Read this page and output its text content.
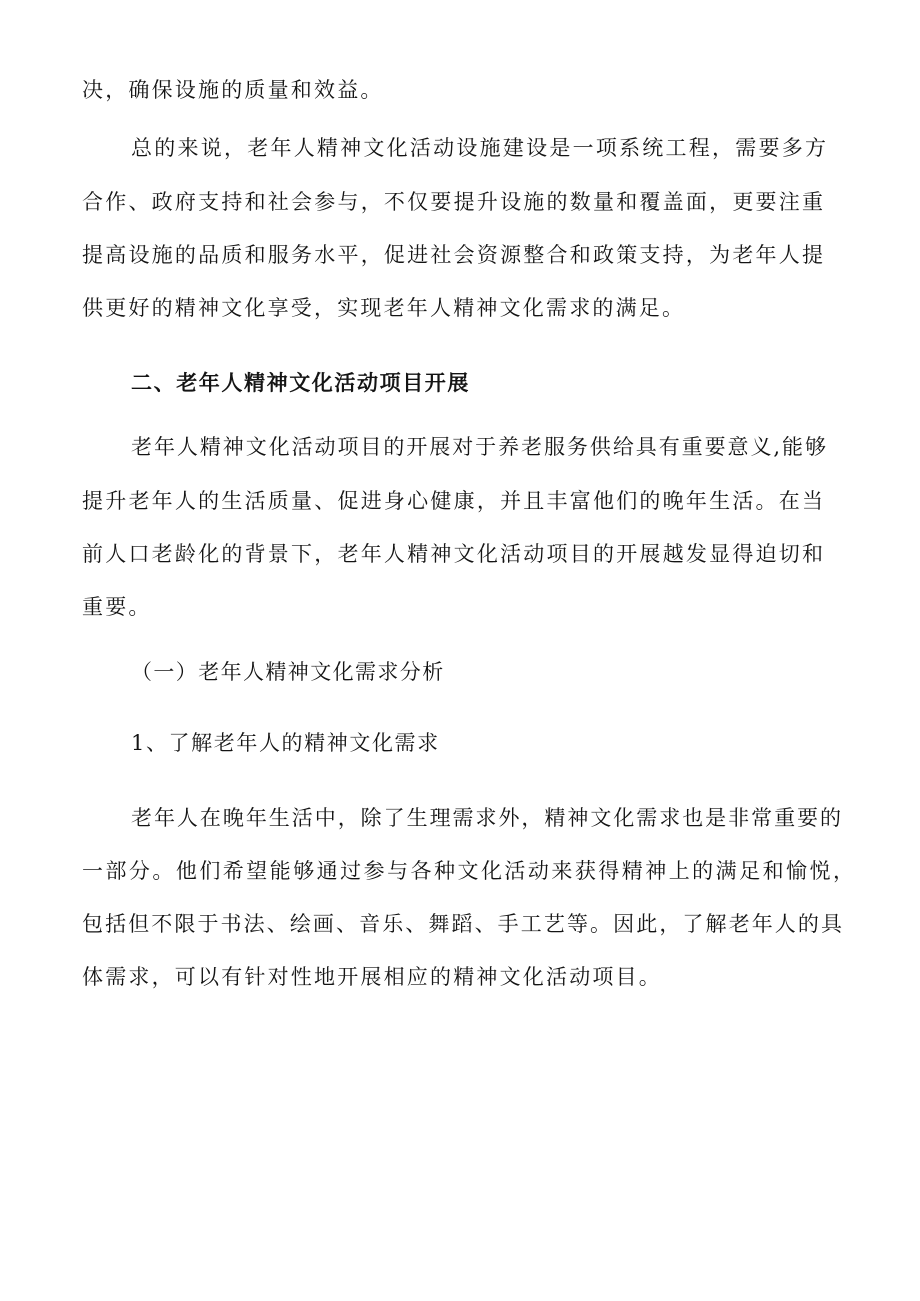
决，确保设施的质量和效益。
总的来说，老年人精神文化活动设施建设是一项系统工程，需要多方
合作、政府支持和社会参与，不仅要提升设施的数量和覆盖面，更要注重
提高设施的品质和服务水平，促进社会资源整合和政策支持，为老年人提
供更好的精神文化享受，实现老年人精神文化需求的满足。
二、老年人精神文化活动项目开展
老年人精神文化活动项目的开展对于养老服务供给具有重要意义,能够
提升老年人的生活质量、促进身心健康，并且丰富他们的晚年生活。在当
前人口老龄化的背景下，老年人精神文化活动项目的开展越发显得迫切和
重要。
（一）老年人精神文化需求分析
1、了解老年人的精神文化需求
老年人在晚年生活中，除了生理需求外，精神文化需求也是非常重要的
一部分。他们希望能够通过参与各种文化活动来获得精神上的满足和愉悦，
包括但不限于书法、绘画、音乐、舞蹈、手工艺等。因此，了解老年人的具
体需求，可以有针对性地开展相应的精神文化活动项目。
